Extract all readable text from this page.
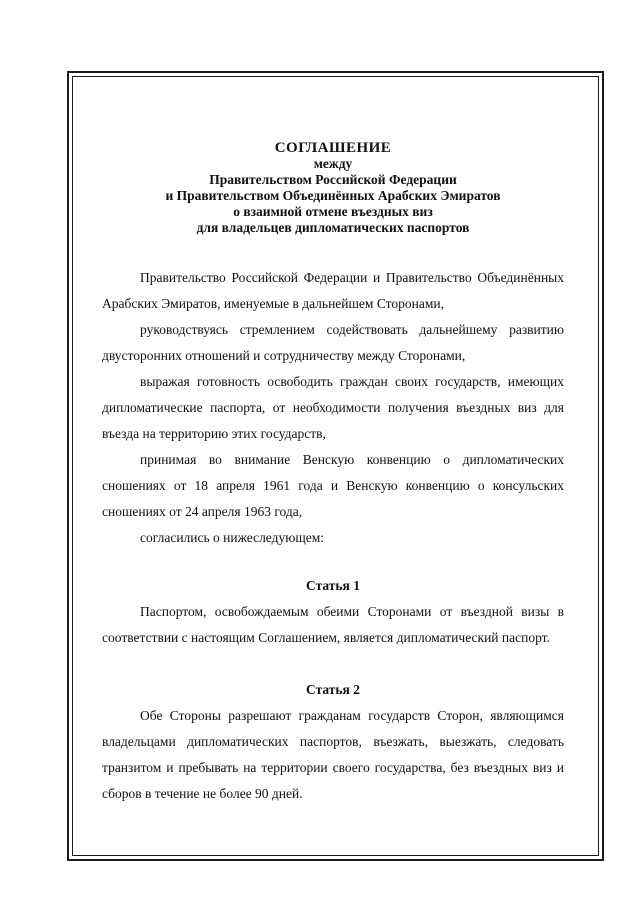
СОГЛАШЕНИЕ
между
Правительством Российской Федерации
и Правительством Объединённых Арабских Эмиратов
о взаимной отмене въездных виз
для владельцев дипломатических паспортов

Правительство Российской Федерации и Правительство Объединённых Арабских Эмиратов, именуемые в дальнейшем Сторонами,

руководствуясь стремлением содействовать дальнейшему развитию двусторонних отношений и сотрудничеству между Сторонами,

выражая готовность освободить граждан своих государств, имеющих дипломатические паспорта, от необходимости получения въездных виз для въезда на территорию этих государств,

принимая во внимание Венскую конвенцию о дипломатических сношениях от 18 апреля 1961 года и Венскую конвенцию о консульских сношениях от 24 апреля 1963 года,

согласились о нижеследующем:

Статья 1

Паспортом, освобождаемым обеими Сторонами от въездной визы в соответствии с настоящим Соглашением, является дипломатический паспорт.

Статья 2

Обе Стороны разрешают гражданам государств Сторон, являющимся владельцами дипломатических паспортов, въезжать, выезжать, следовать транзитом и пребывать на территории своего государства, без въездных виз и сборов в течение не более 90 дней.
